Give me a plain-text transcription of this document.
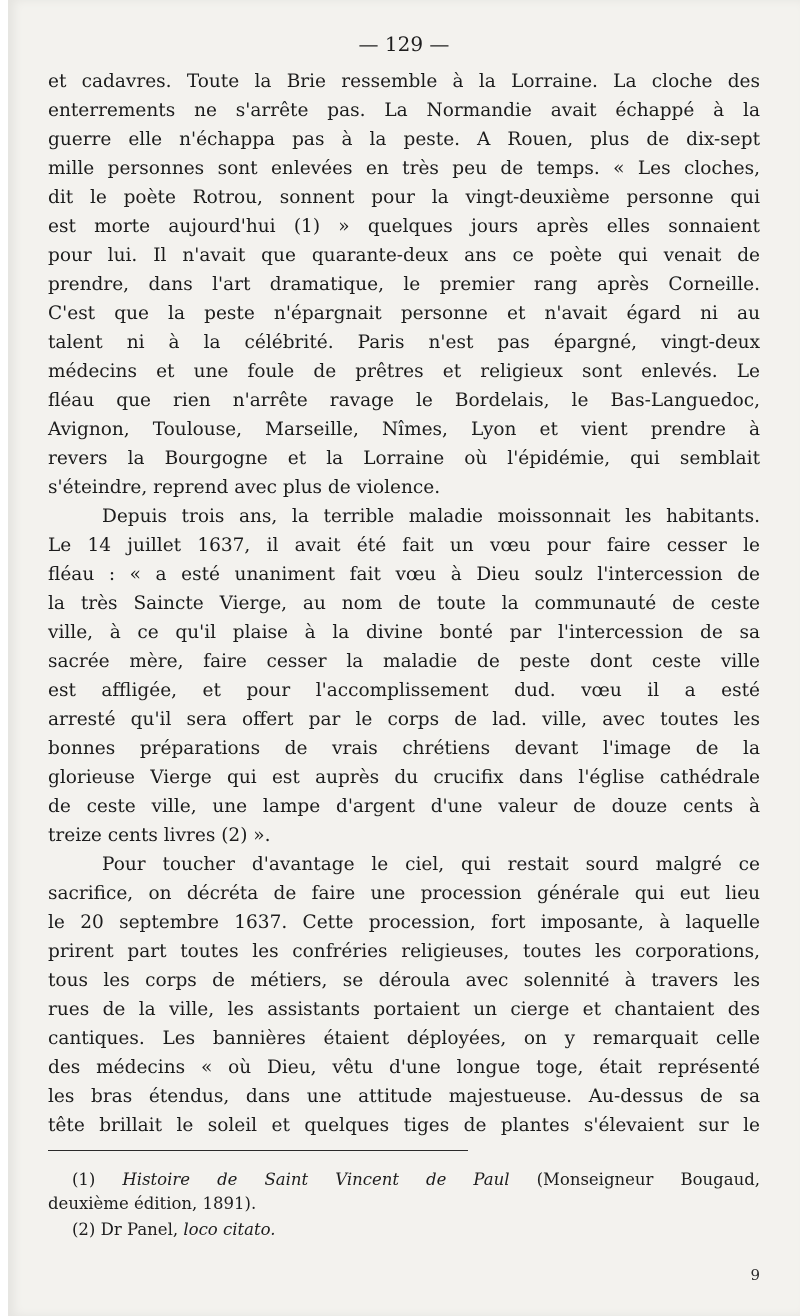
— 129 —
et cadavres. Toute la Brie ressemble à la Lorraine. La cloche des
enterrements ne s'arrête pas. La Normandie avait échappé à la
guerre elle n'échappa pas à la peste. A Rouen, plus de dix-sept
mille personnes sont enlevées en très peu de temps. « Les cloches,
dit le poète Rotrou, sonnent pour la vingt-deuxième personne qui
est morte aujourd'hui (1) » quelques jours après elles sonnaient
pour lui. Il n'avait que quarante-deux ans ce poète qui venait de
prendre, dans l'art dramatique, le premier rang après Corneille.
C'est que la peste n'épargnait personne et n'avait égard ni au
talent ni à la célébrité. Paris n'est pas épargné, vingt-deux
médecins et une foule de prêtres et religieux sont enlevés. Le
fléau que rien n'arrête ravage le Bordelais, le Bas-Languedoc,
Avignon, Toulouse, Marseille, Nîmes, Lyon et vient prendre à
revers la Bourgogne et la Lorraine où l'épidémie, qui semblait
s'éteindre, reprend avec plus de violence.
Depuis trois ans, la terrible maladie moissonnait les habitants.
Le 14 juillet 1637, il avait été fait un vœu pour faire cesser le
fléau : « a esté unaniment fait vœu à Dieu soulz l'intercession de
la très Saincte Vierge, au nom de toute la communauté de ceste
ville, à ce qu'il plaise à la divine bonté par l'intercession de sa
sacrée mère, faire cesser la maladie de peste dont ceste ville
est affligée, et pour l'accomplissement dud. vœu il a esté
arresté qu'il sera offert par le corps de lad. ville, avec toutes les
bonnes préparations de vrais chrétiens devant l'image de la
glorieuse Vierge qui est auprès du crucifix dans l'église cathédrale
de ceste ville, une lampe d'argent d'une valeur de douze cents à
treize cents livres (2) ».
Pour toucher d'avantage le ciel, qui restait sourd malgré ce
sacrifice, on décréta de faire une procession générale qui eut lieu
le 20 septembre 1637. Cette procession, fort imposante, à laquelle
prirent part toutes les confréries religieuses, toutes les corporations,
tous les corps de métiers, se déroula avec solennité à travers les
rues de la ville, les assistants portaient un cierge et chantaient des
cantiques. Les bannières étaient déployées, on y remarquait celle
des médecins « où Dieu, vêtu d'une longue toge, était représenté
les bras étendus, dans une attitude majestueuse. Au-dessus de sa
tête brillait le soleil et quelques tiges de plantes s'élevaient sur le
(1) Histoire de Saint Vincent de Paul (Monseigneur Bougaud,
deuxième édition, 1891).
(2) Dr Panel, loco citato.
9
